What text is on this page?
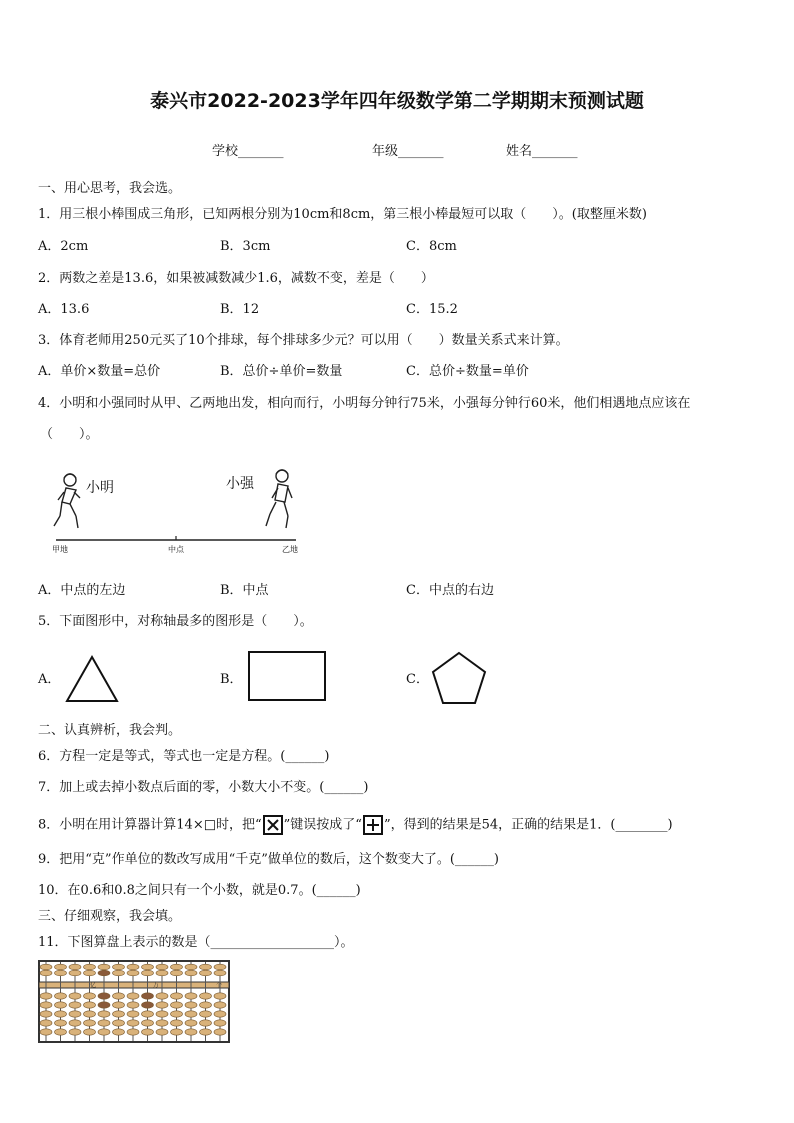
泰兴市2022-2023学年四年级数学第二学期期末预测试题
学校_______	年级_______	姓名_______
一、用心思考，我会选。
1．用三根小棒围成三角形，已知两根分别为10cm和8cm，第三根小棒最短可以取（　　）。(取整厘米数)
A．2cm	B．3cm	C．8cm
2．两数之差是13.6，如果被减数减少1.6，减数不变，差是（　　）
A．13.6	B．12	C．15.2
3．体育老师用250元买了10个排球，每个排球多少元？可以用（　　）数量关系式来计算。
A．单价×数量=总价	B．总价÷单价=数量	C．总价÷数量=单价
4．小明和小强同时从甲、乙两地出发，相向而行，小明每分钟行75米，小强每分钟行60米，他们相遇地点应该在
（　　）。
小明	小强
甲地	中点	乙地
A．中点的左边	B．中点	C．中点的右边
5．下面图形中，对称轴最多的图形是（　　）。
A．	B．	C．
二、认真辨析，我会判。
6．方程一定是等式，等式也一定是方程。(______)
7．加上或去掉小数点后面的零，小数大小不变。(______)
8．小明在用计算器计算14×□时，把“ ”键误按成了“ ”，得到的结果是54，正确的结果是1．(________)
9．把用“克”作单位的数改写成用“千克”做单位的数后，这个数变大了。(______)
10．在0.6和0.8之间只有一个小数，就是0.7。(______)
三、仔细观察，我会填。
11．下图算盘上表示的数是（___________________）。
亿	万	个
